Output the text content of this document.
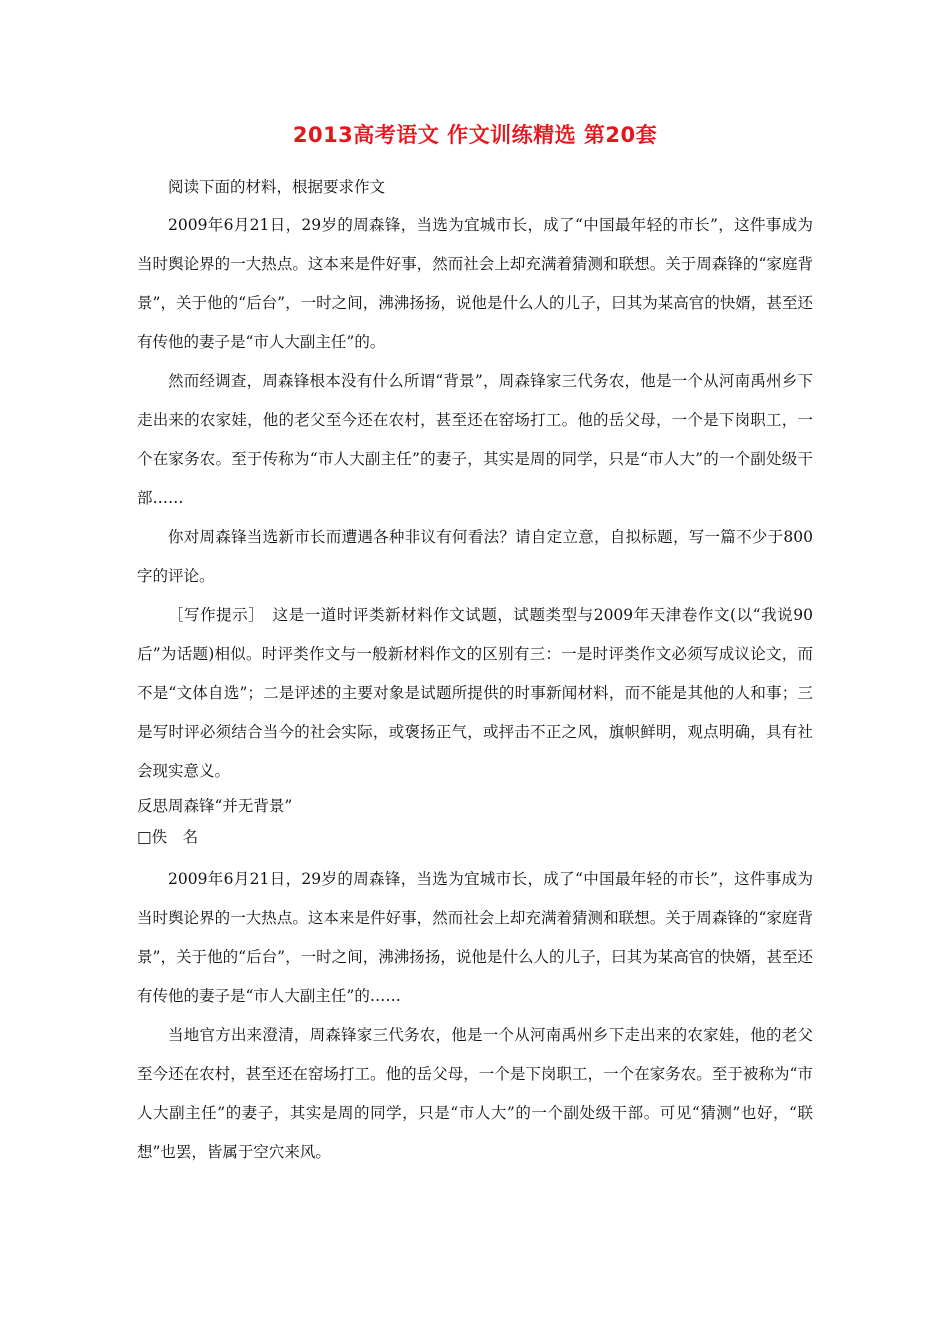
2013高考语文 作文训练精选 第20套

阅读下面的材料，根据要求作文

2009年6月21日，29岁的周森锋，当选为宜城市长，成了“中国最年轻的市长”，这件事成为当时舆论界的一大热点。这本来是件好事，然而社会上却充满着猜测和联想。关于周森锋的“家庭背景”，关于他的“后台”，一时之间，沸沸扬扬，说他是什么人的儿子，曰其为某高官的快婿，甚至还有传他的妻子是“市人大副主任”的。

然而经调查，周森锋根本没有什么所谓“背景”，周森锋家三代务农，他是一个从河南禹州乡下走出来的农家娃，他的老父至今还在农村，甚至还在窑场打工。他的岳父母，一个是下岗职工，一个在家务农。至于传称为“市人大副主任”的妻子，其实是周的同学，只是“市人大”的一个副处级干部……

你对周森锋当选新市长而遭遇各种非议有何看法？请自定立意，自拟标题，写一篇不少于800字的评论。

［写作提示］　这是一道时评类新材料作文试题，试题类型与2009年天津卷作文(以“我说90后”为话题)相似。时评类作文与一般新材料作文的区别有三：一是时评类作文必须写成议论文，而不是“文体自选”；二是评述的主要对象是试题所提供的时事新闻材料，而不能是其他的人和事；三是写时评必须结合当今的社会实际，或褒扬正气，或抨击不正之风，旗帜鲜明，观点明确，具有社会现实意义。

反思周森锋“并无背景”

□佚　名

2009年6月21日，29岁的周森锋，当选为宜城市长，成了“中国最年轻的市长”，这件事成为当时舆论界的一大热点。这本来是件好事，然而社会上却充满着猜测和联想。关于周森锋的“家庭背景”，关于他的“后台”，一时之间，沸沸扬扬，说他是什么人的儿子，曰其为某高官的快婿，甚至还有传他的妻子是“市人大副主任”的……

当地官方出来澄清，周森锋家三代务农，他是一个从河南禹州乡下走出来的农家娃，他的老父至今还在农村，甚至还在窑场打工。他的岳父母，一个是下岗职工，一个在家务农。至于被称为“市人大副主任”的妻子，其实是周的同学，只是“市人大”的一个副处级干部。可见“猜测”也好，“联想”也罢，皆属于空穴来风。
